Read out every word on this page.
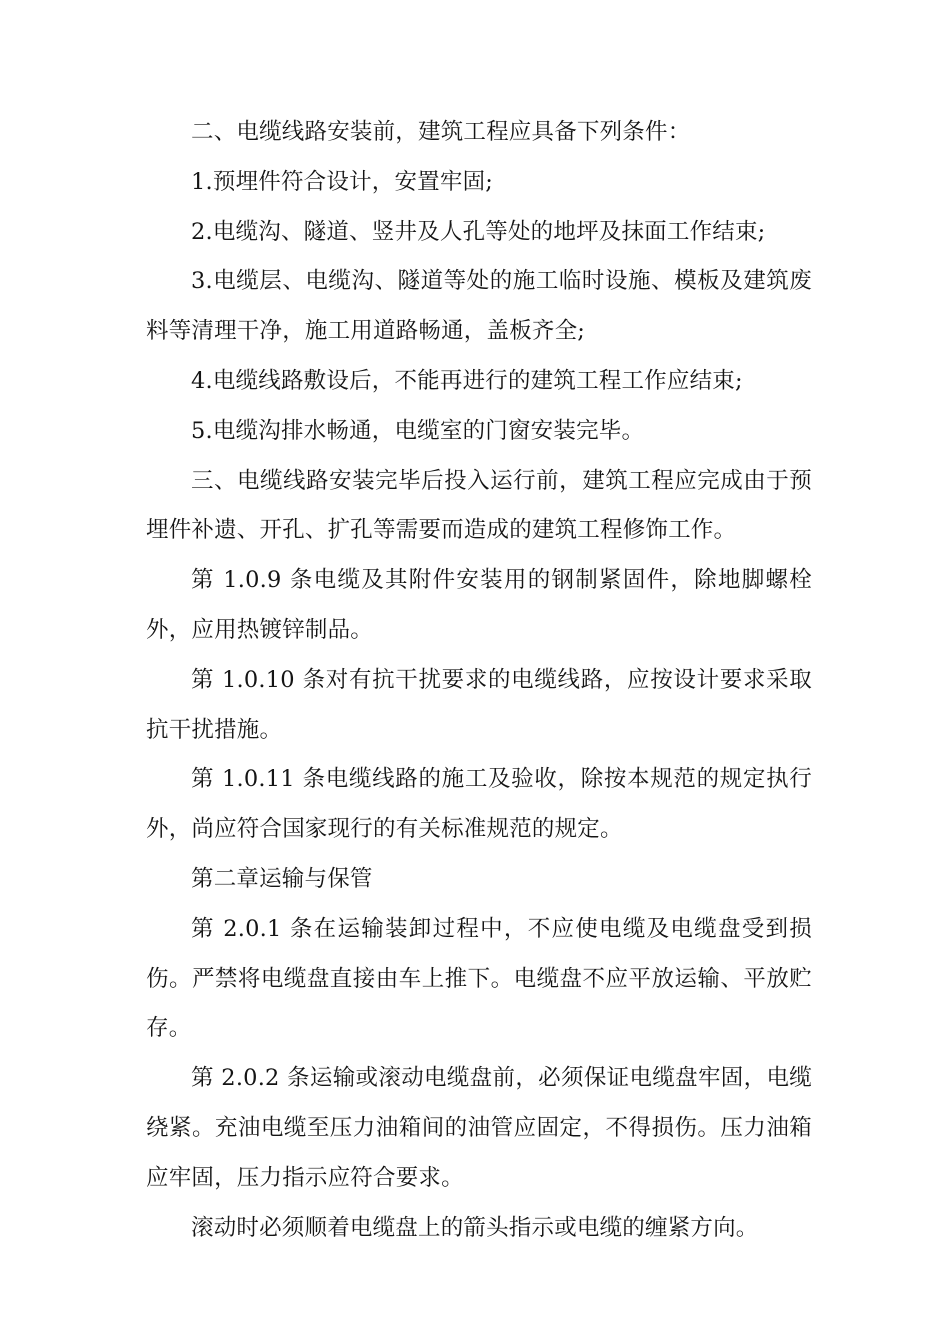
二、电缆线路安装前，建筑工程应具备下列条件：

1.预埋件符合设计，安置牢固;

2.电缆沟、隧道、竖井及人孔等处的地坪及抹面工作结束;

3.电缆层、电缆沟、隧道等处的施工临时设施、模板及建筑废料等清理干净，施工用道路畅通，盖板齐全;

4.电缆线路敷设后，不能再进行的建筑工程工作应结束;

5.电缆沟排水畅通，电缆室的门窗安装完毕。

三、电缆线路安装完毕后投入运行前，建筑工程应完成由于预埋件补遗、开孔、扩孔等需要而造成的建筑工程修饰工作。

第 1.0.9 条电缆及其附件安装用的钢制紧固件，除地脚螺栓外，应用热镀锌制品。

第 1.0.10 条对有抗干扰要求的电缆线路，应按设计要求采取抗干扰措施。

第 1.0.11 条电缆线路的施工及验收，除按本规范的规定执行外，尚应符合国家现行的有关标准规范的规定。

第二章运输与保管

第 2.0.1 条在运输装卸过程中，不应使电缆及电缆盘受到损伤。严禁将电缆盘直接由车上推下。电缆盘不应平放运输、平放贮存。

第 2.0.2 条运输或滚动电缆盘前，必须保证电缆盘牢固，电缆绕紧。充油电缆至压力油箱间的油管应固定，不得损伤。压力油箱应牢固，压力指示应符合要求。

滚动时必须顺着电缆盘上的箭头指示或电缆的缠紧方向。
